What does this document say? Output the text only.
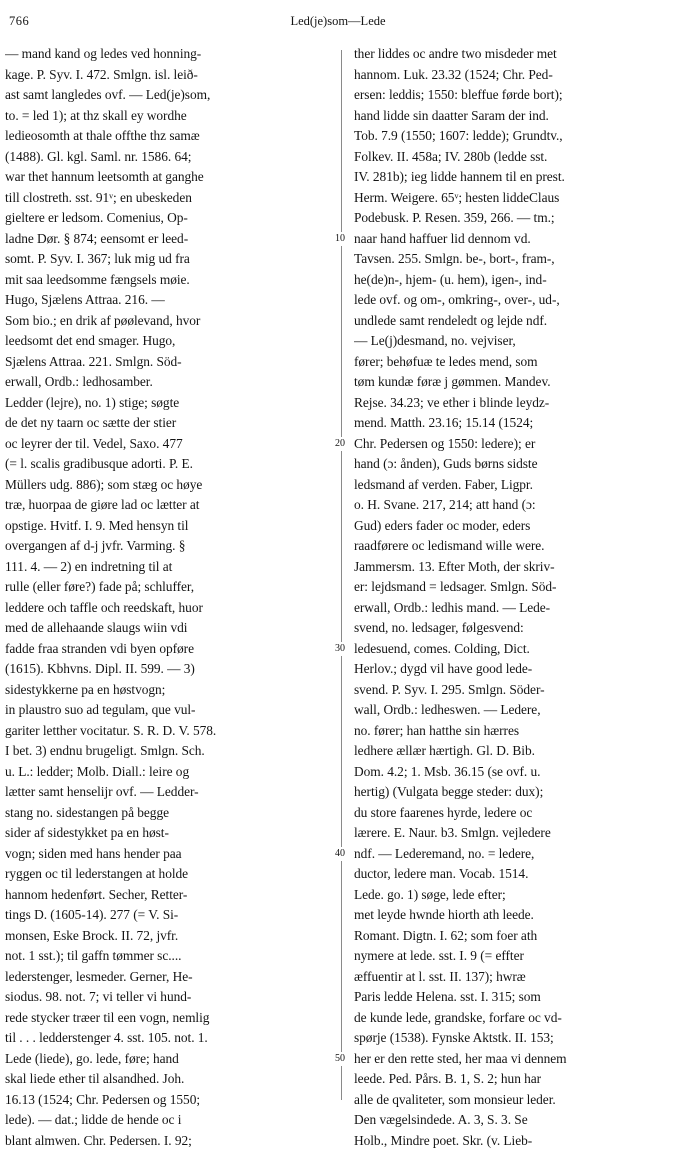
766	Led(je)som—Lede
— mand kand og ledes ved honning-
kage. P. Syv. I. 472. Smlgn. isl. leið-
ast samt langledes ovf. — Led(je)som,
to. = led 1); at thz skall ey wordhe
ledieosomth at thale offthe thz samæ
(1488). Gl. kgl. Saml. nr. 1586. 64;
war thet hannum leetsomth at ganghe
till clostreth. sst. 91ᵛ; en ubeskeden
gieltere er ledsom. Comenius, Op-
ladne Dør. § 874; eensomt er leed-
somt. P. Syv. I. 367; luk mig ud fra
mit saa leedsomme fængsels møie.
Hugo, Sjælens Attraa. 216. —
Som bio.; en drik af pøølevand, hvor
leedsomt det end smager. Hugo,
Sjælens Attraa. 221. Smlgn. Söd-
erwall, Ordb.: ledhosamber.
Ledder (lejre), no. 1) stige; søgte
de det ny taarn oc sætte der stier
oc leyrer der til. Vedel, Saxo. 477
(= l. scalis gradibusque adorti. P. E.
Müllers udg. 886); som stæg oc høye
træ, huorpaa de giøre lad oc lætter at
opstige. Hvitf. I. 9. Med hensyn til
overgangen af d-j jvfr. Varming. §
111. 4. — 2) en indretning til at
rulle (eller føre?) fade på; schluffer,
leddere och taffle och reedskaft, huor
med de allehaande slaugs wiin vdi
fadde fraa stranden vdi byen opføre
(1615). Kbhvns. Dipl. II. 599. — 3)
sidestykkerne pa en høstvogn;
in plaustro suo ad tegulam, que vul-
gariter letther vocitatur. S. R. D. V. 578.
I bet. 3) endnu brugeligt. Smlgn. Sch.
u. L.: ledder; Molb. Diall.: leire og
lætter samt henselijr ovf. — Ledder-
stang no. sidestangen på begge
sider af sidestykket pa en høst-
vogn; siden med hans hender paa
ryggen oc til lederstangen at holde
hannom hedenført. Secher, Retter-
tings D. (1605-14). 277 (= V. Si-
monsen, Eske Brock. II. 72, jvfr.
not. 1 sst.); til gaffn tømmer sc....
lederstenger, lesmeder. Gerner, He-
siodus. 98. not. 7; vi teller vi hund-
rede stycker træer til een vogn, nemlig
til . . . ledderstenger 4. sst. 105. not. 1.
Lede (liede), go. lede, føre; hand
skal liede ether til alsandhed. Joh.
16.13 (1524; Chr. Pedersen og 1550;
lede). — dat.; lidde de hende oc i
blant almwen. Chr. Pedersen. I. 92;
ther liddes oc andre two misdeder met
hannom. Luk. 23.32 (1524; Chr. Ped-
ersen: leddis; 1550: bleffue førde bort);
hand lidde sin daatter Saram der ind.
Tob. 7.9 (1550; 1607: ledde); Grundtv.,
Folkev. II. 458a; IV. 280b (ledde sst.
IV. 281b); ieg lidde hannem til en prest.
Herm. Weigere. 65ᵛ; hesten liddeClaus
Podebusk. P. Resen. 359, 266. — tm.;
naar hand haffuer lid dennom vd.
Tavsen. 255. Smlgn. be-, bort-, fram-,
he(de)n-, hjem- (u. hem), igen-, ind-
lede ovf. og om-, omkring-, over-, ud-,
undlede samt rendeledt og lejde ndf.
— Le(j)desmand, no. vejviser,
fører; behøfuæ te ledes mend, som
tøm kundæ føræ j gømmen. Mandev.
Rejse. 34.23; ve ether i blinde leydz-
mend. Matth. 23.16; 15.14 (1524;
Chr. Pedersen og 1550: ledere); er
hand (ɔ: ånden), Guds børns sidste
ledsmand af verden. Faber, Ligpr.
o. H. Svane. 217, 214; att hand (ɔ:
Gud) eders fader oc moder, eders
raadførere oc ledismand wille were.
Jammersm. 13. Efter Moth, der skriv-
er: lejdsmand = ledsager. Smlgn. Söd-
erwall, Ordb.: ledhis mand. — Lede-
svend, no. ledsager, følgesvend:
ledesuend, comes. Colding, Dict.
Herlov.; dygd vil have good lede-
svend. P. Syv. I. 295. Smlgn. Söder-
wall, Ordb.: ledheswen. — Ledere,
no. fører; han hatthe sin hærres
ledhere ællær hærtigh. Gl. D. Bib.
Dom. 4.2; 1. Msb. 36.15 (se ovf. u.
hertig) (Vulgata begge steder: dux);
du store faarenes hyrde, ledere oc
lærere. E. Naur. b3. Smlgn. vejledere
ndf. — Lederemand, no. = ledere,
ductor, ledere man. Vocab. 1514.
Lede. go. 1) søge, lede efter;
met leyde hwnde hiorth ath leede.
Romant. Digtn. I. 62; som foer ath
nymere at lede. sst. I. 9 (= effter
æffuentir at l. sst. II. 137); hwræ
Paris ledde Helena. sst. I. 315; som
de kunde lede, grandske, forfare oc vd-
spørje (1538). Fynske Aktstk. II. 153;
her er den rette sted, her maa vi dennem
leede. Ped. Pårs. B. 1, S. 2; hun har
alle de qvaliteter, som monsieur leder.
Den vægelsindede. A. 3, S. 3. Se
Holb., Mindre poet. Skr. (v. Lieb-
10
20
30
40
50
